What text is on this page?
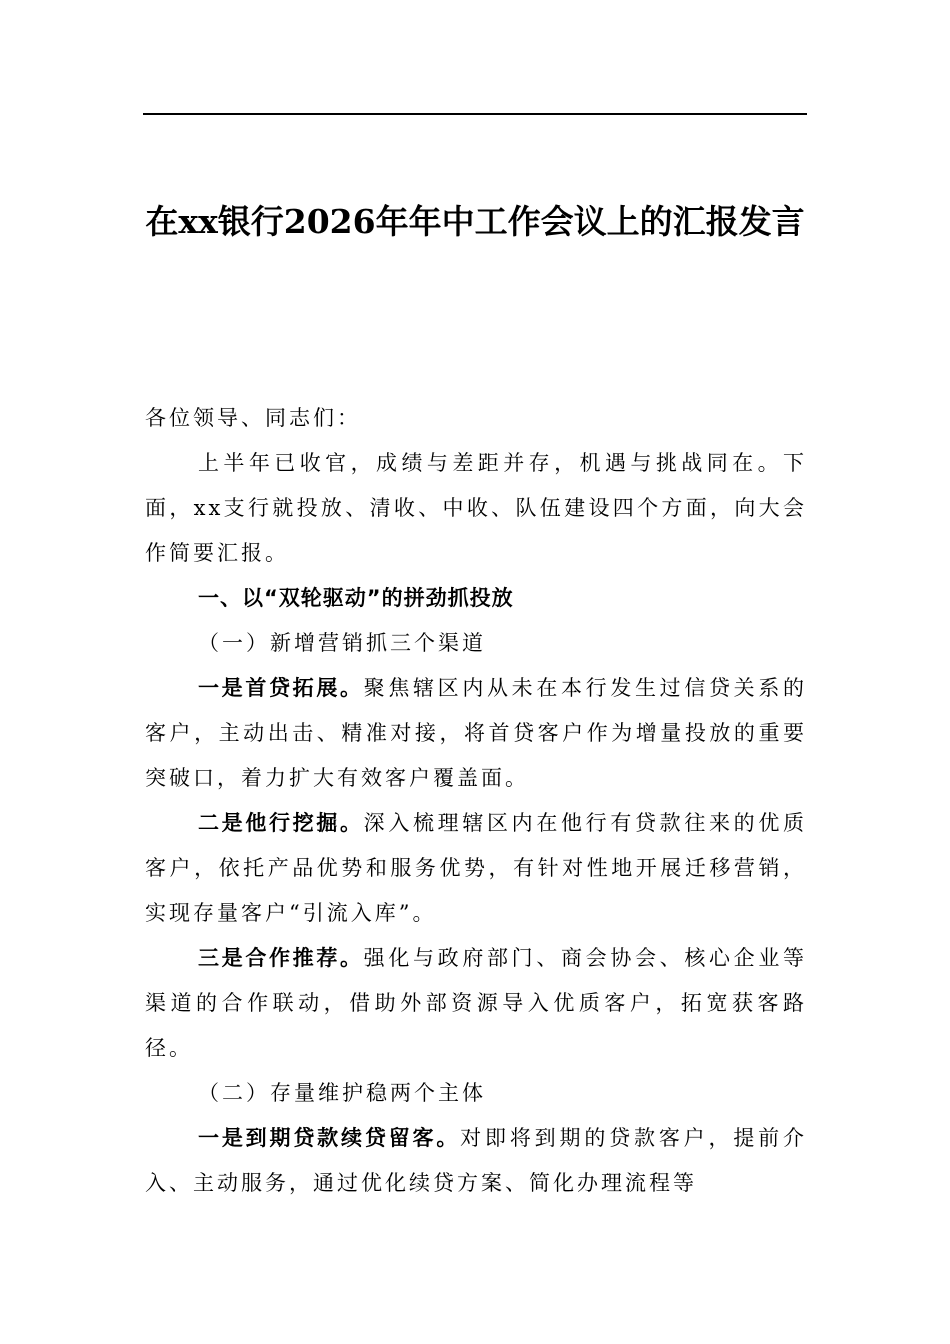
在xx银行2026年年中工作会议上的汇报发言

各位领导、同志们：

上半年已收官，成绩与差距并存，机遇与挑战同在。下面，xx支行就投放、清收、中收、队伍建设四个方面，向大会作简要汇报。

一、以“双轮驱动”的拼劲抓投放

（一）新增营销抓三个渠道

一是首贷拓展。聚焦辖区内从未在本行发生过信贷关系的客户，主动出击、精准对接，将首贷客户作为增量投放的重要突破口，着力扩大有效客户覆盖面。

二是他行挖掘。深入梳理辖区内在他行有贷款往来的优质客户，依托产品优势和服务优势，有针对性地开展迁移营销，实现存量客户“引流入库”。

三是合作推荐。强化与政府部门、商会协会、核心企业等渠道的合作联动，借助外部资源导入优质客户，拓宽获客路径。

（二）存量维护稳两个主体

一是到期贷款续贷留客。对即将到期的贷款客户，提前介入、主动服务，通过优化续贷方案、简化办理流程等
